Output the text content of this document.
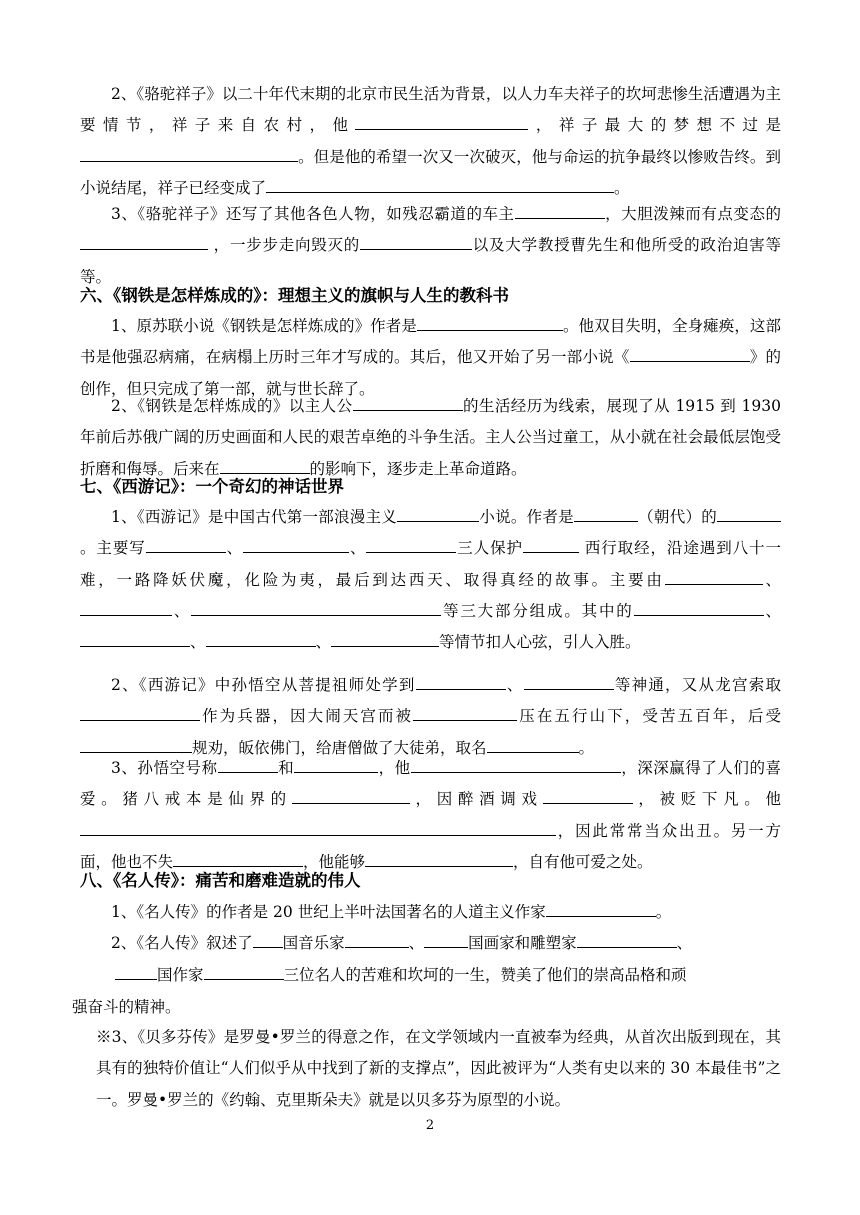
2、《骆驼祥子》以二十年代末期的北京市民生活为背景，以人力车夫祥子的坎坷悲惨生活遭遇为主要情节，祥子来自农村，他	，祥子最大的梦想不过是。但是他的希望一次又一次破灭，他与命运的抗争最终以惨败告终。到小说结尾，祥子已经变成了	。
3、《骆驼祥子》还写了其他各色人物，如残忍霸道的车主	，大胆泼辣而有点变态的 ，一步步走向毁灭的	以及大学教授曹先生和他所受的政治迫害等等。
六、《钢铁是怎样炼成的》：理想主义的旗帜与人生的教科书
1、原苏联小说《钢铁是怎样炼成的》作者是	。他双目失明，全身瘫痪，这部书是他强忍病痛，在病榻上历时三年才写成的。其后，他又开始了另一部小说《	》的创作，但只完成了第一部，就与世长辞了。
2、《钢铁是怎样炼成的》以主人公	的生活经历为线索，展现了从 1915 到 1930 年前后苏俄广阔的历史画面和人民的艰苦卓绝的斗争生活。主人公当过童工，从小就在社会最低层饱受折磨和侮辱。后来在	的影响下，逐步走上革命道路。
七、《西游记》：一个奇幻的神话世界
1、《西游记》是中国古代第一部浪漫主义	小说。作者是	（朝代）的。主要写	、	、	三人保护	西行取经，沿途遇到八十一难，一路降妖伏魔，化险为夷，最后到达西天、取得真经的故事。主要由	、、	等三大部分组成。其中的	、、	、	等情节扣人心弦，引人入胜。
2、《西游记》中孙悟空从菩提祖师处学到	、	等神通，又从龙宫索取作为兵器，因大闹天宫而被	压在五行山下，受苦五百年，后受规劝，皈依佛门，给唐僧做了大徒弟，取名	。
3、孙悟空号称	和	，他	，深深赢得了人们的喜爱。猪八戒本是仙界的	，因醉酒调戏	，被贬下凡。他，因此常常当众出丑。另一方面，他也不失	，他能够	，自有他可爱之处。
八、《名人传》：痛苦和磨难造就的伟人
1、《名人传》的作者是 20 世纪上半叶法国著名的人道主义作家	。
2、《名人传》叙述了 国音乐家	、	国画家和雕塑家	、
国作家	三位名人的苦难和坎坷的一生，赞美了他们的崇高品格和顽
强奋斗的精神。
※3、《贝多芬传》是罗曼•罗兰的得意之作，在文学领域内一直被奉为经典，从首次出版到现在，其具有的独特价值让“人们似乎从中找到了新的支撑点”，因此被评为“人类有史以来的 30 本最佳书”之一。罗曼•罗兰的《约翰、克里斯朵夫》就是以贝多芬为原型的小说。
2
